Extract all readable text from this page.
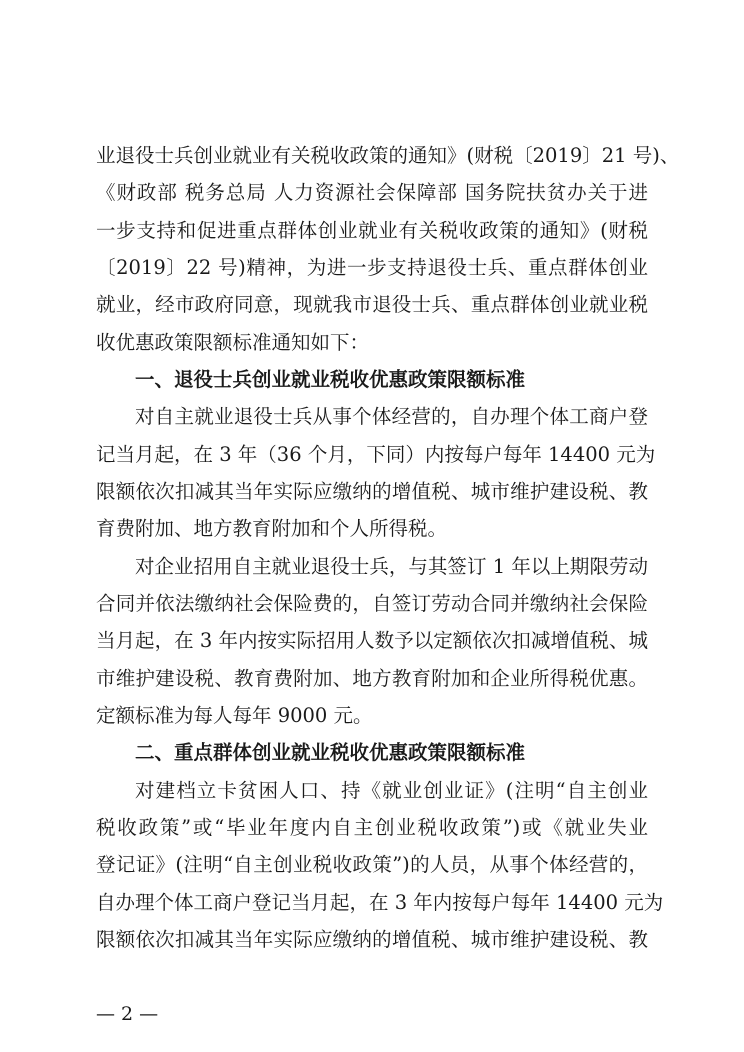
业退役士兵创业就业有关税收政策的通知》(财税〔2019〕21 号)、
《财政部 税务总局 人力资源社会保障部 国务院扶贫办关于进
一步支持和促进重点群体创业就业有关税收政策的通知》(财税
〔2019〕22 号)精神，为进一步支持退役士兵、重点群体创业
就业，经市政府同意，现就我市退役士兵、重点群体创业就业税
收优惠政策限额标准通知如下：
一、退役士兵创业就业税收优惠政策限额标准
对自主就业退役士兵从事个体经营的，自办理个体工商户登
记当月起，在 3 年（36 个月，下同）内按每户每年 14400 元为
限额依次扣减其当年实际应缴纳的增值税、城市维护建设税、教
育费附加、地方教育附加和个人所得税。
对企业招用自主就业退役士兵，与其签订 1 年以上期限劳动
合同并依法缴纳社会保险费的，自签订劳动合同并缴纳社会保险
当月起，在 3 年内按实际招用人数予以定额依次扣减增值税、城
市维护建设税、教育费附加、地方教育附加和企业所得税优惠。
定额标准为每人每年 9000 元。
二、重点群体创业就业税收优惠政策限额标准
对建档立卡贫困人口、持《就业创业证》(注明“自主创业
税收政策”或“毕业年度内自主创业税收政策”)或《就业失业
登记证》(注明“自主创业税收政策”)的人员，从事个体经营的，
自办理个体工商户登记当月起，在 3 年内按每户每年 14400 元为
限额依次扣减其当年实际应缴纳的增值税、城市维护建设税、教
— 2 —
